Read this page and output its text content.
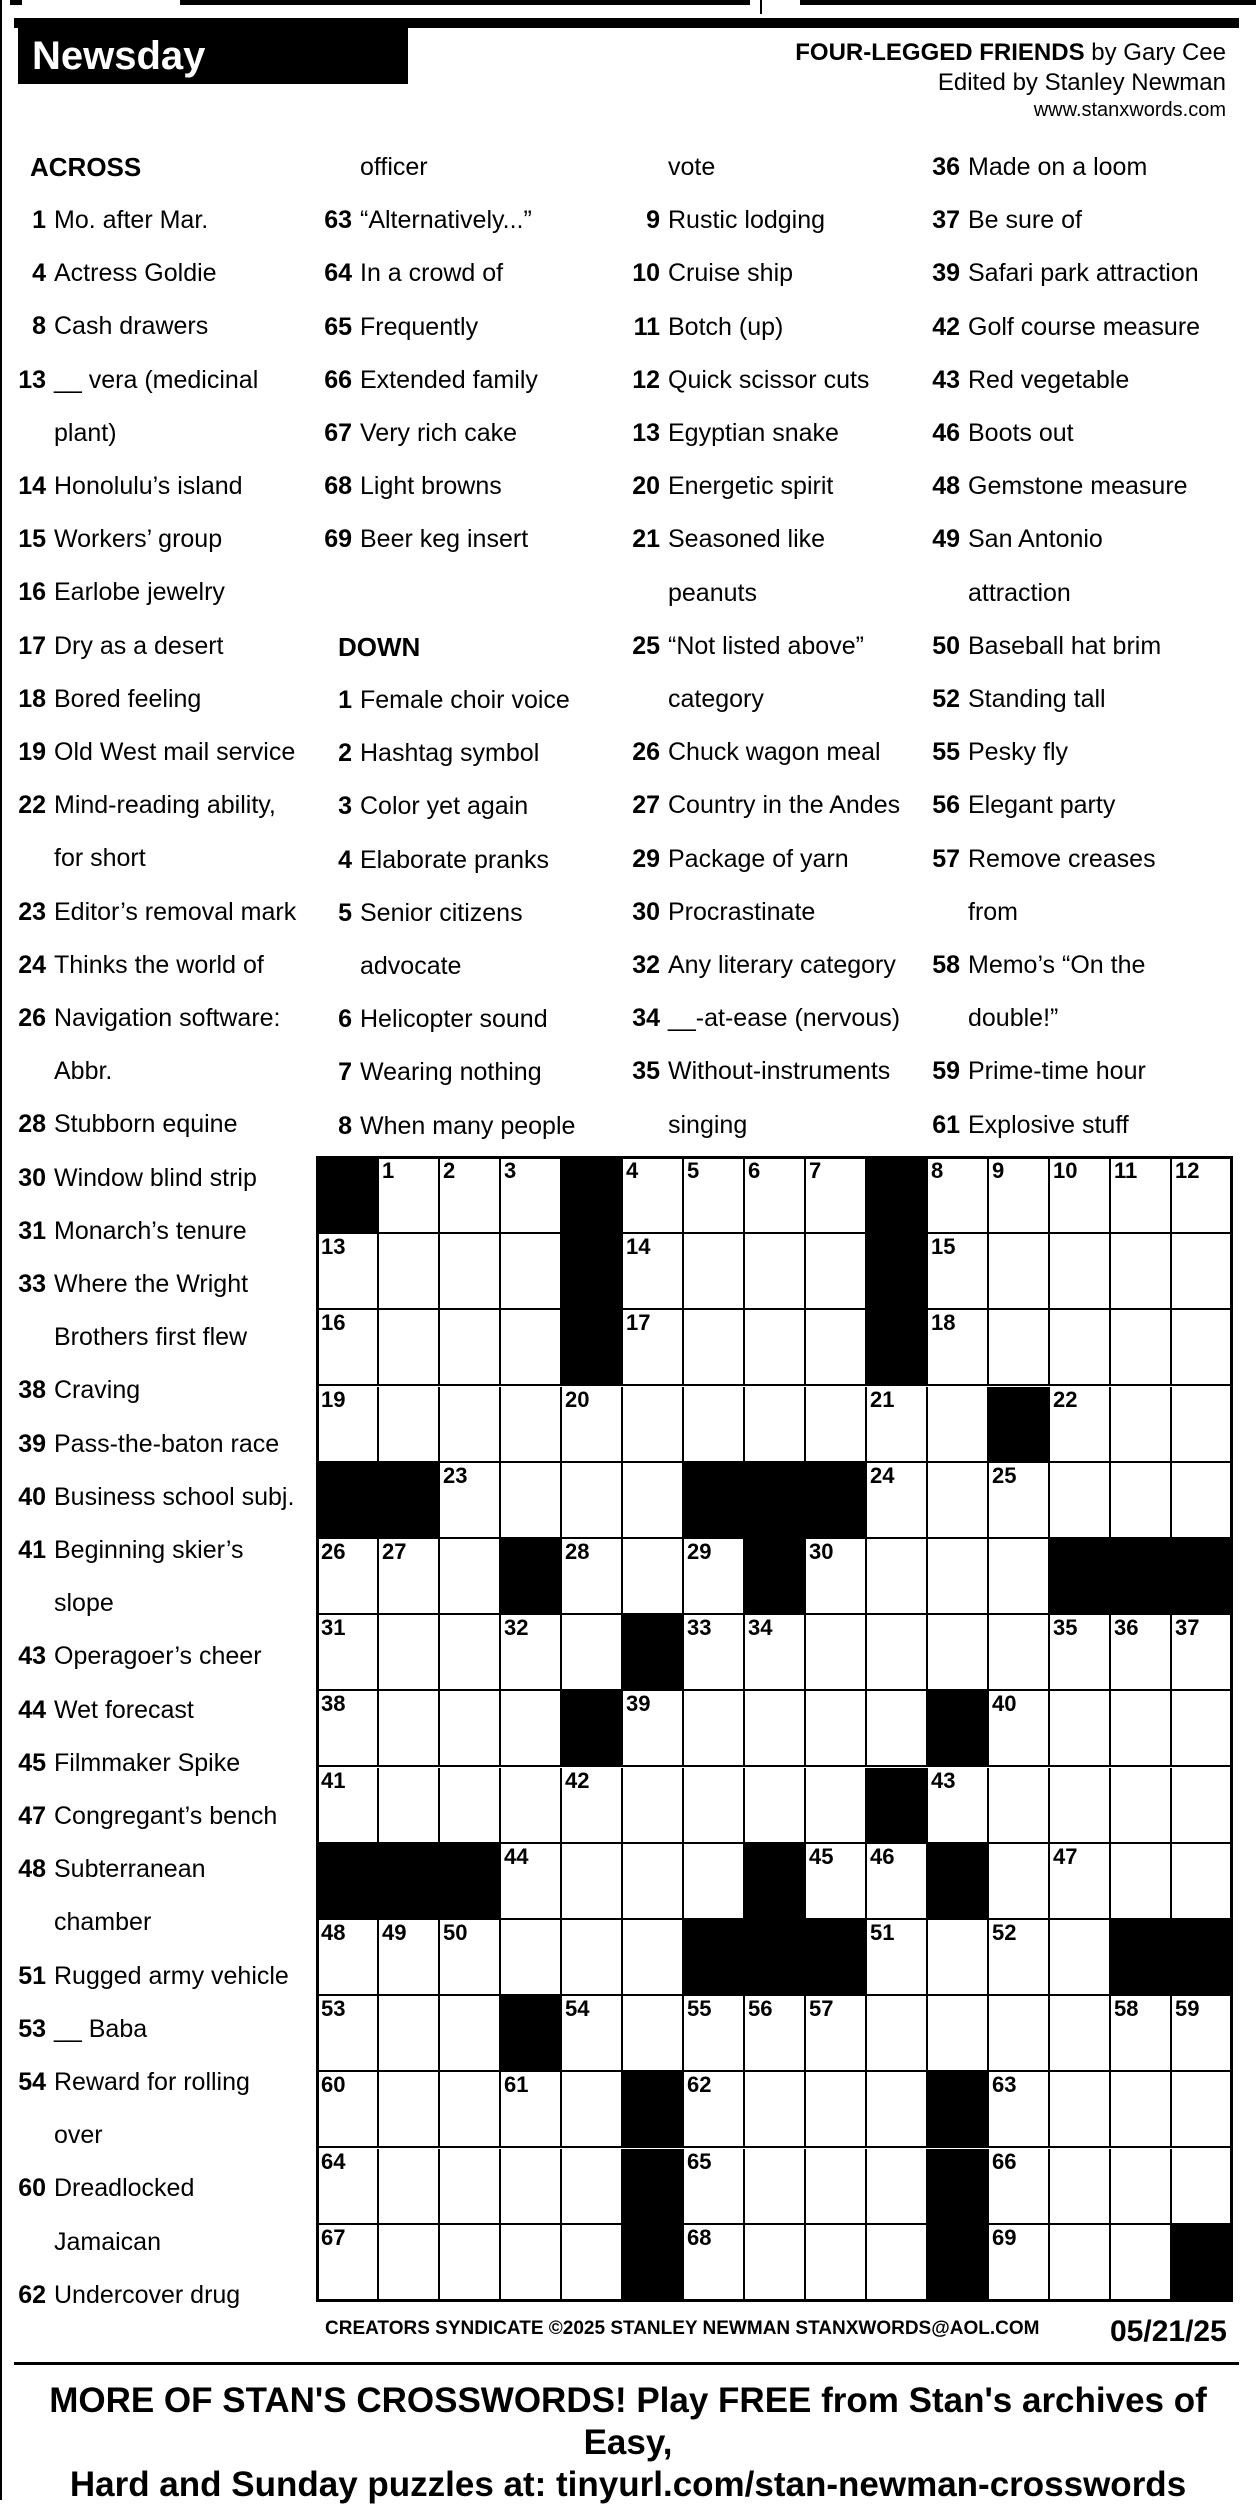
Newsday Crossword
FOUR-LEGGED FRIENDS by Gary Cee
Edited by Stanley Newman
www.stanxwords.com
ACROSS
1 Mo. after Mar.
4 Actress Goldie
8 Cash drawers
13 __ vera (medicinal
plant)
14 Honolulu’s island
15 Workers’ group
16 Earlobe jewelry
17 Dry as a desert
18 Bored feeling
19 Old West mail service
22 Mind-reading ability,
for short
23 Editor’s removal mark
24 Thinks the world of
26 Navigation software:
Abbr.
28 Stubborn equine
30 Window blind strip
31 Monarch’s tenure
33 Where the Wright
Brothers first flew
38 Craving
39 Pass-the-baton race
40 Business school subj.
41 Beginning skier’s
slope
43 Operagoer’s cheer
44 Wet forecast
45 Filmmaker Spike
47 Congregant’s bench
48 Subterranean
chamber
51 Rugged army vehicle
53 __ Baba
54 Reward for rolling
over
60 Dreadlocked
Jamaican
62 Undercover drug
officer
63 “Alternatively...”
64 In a crowd of
65 Frequently
66 Extended family
67 Very rich cake
68 Light browns
69 Beer keg insert
DOWN
1 Female choir voice
2 Hashtag symbol
3 Color yet again
4 Elaborate pranks
5 Senior citizens
advocate
6 Helicopter sound
7 Wearing nothing
8 When many people
vote
9 Rustic lodging
10 Cruise ship
11 Botch (up)
12 Quick scissor cuts
13 Egyptian snake
20 Energetic spirit
21 Seasoned like
peanuts
25 “Not listed above”
category
26 Chuck wagon meal
27 Country in the Andes
29 Package of yarn
30 Procrastinate
32 Any literary category
34 __-at-ease (nervous)
35 Without-instruments
singing
36 Made on a loom
37 Be sure of
39 Safari park attraction
42 Golf course measure
43 Red vegetable
46 Boots out
48 Gemstone measure
49 San Antonio
attraction
50 Baseball hat brim
52 Standing tall
55 Pesky fly
56 Elegant party
57 Remove creases
from
58 Memo’s “On the
double!”
59 Prime-time hour
61 Explosive stuff
1 2 3	4 5 6 7	8 9 10 11 12
13	14	15
16	17	18
19	20	21	22
23	24	25
26 27	28	29	30
31	32	33 34	35 36 37
38	39	40
41	42	43
44	45 46	47
48 49 50	51	52
53	54	55 56 57	58 59
60	61	62	63
64	65	66
67	68	69
CREATORS SYNDICATE ©2025 STANLEY NEWMAN STANXWORDS@AOL.COM 05/21/25
MORE OF STAN'S CROSSWORDS! Play FREE from Stan's archives of Easy,
Hard and Sunday puzzles at: tinyurl.com/stan-newman-crosswords
